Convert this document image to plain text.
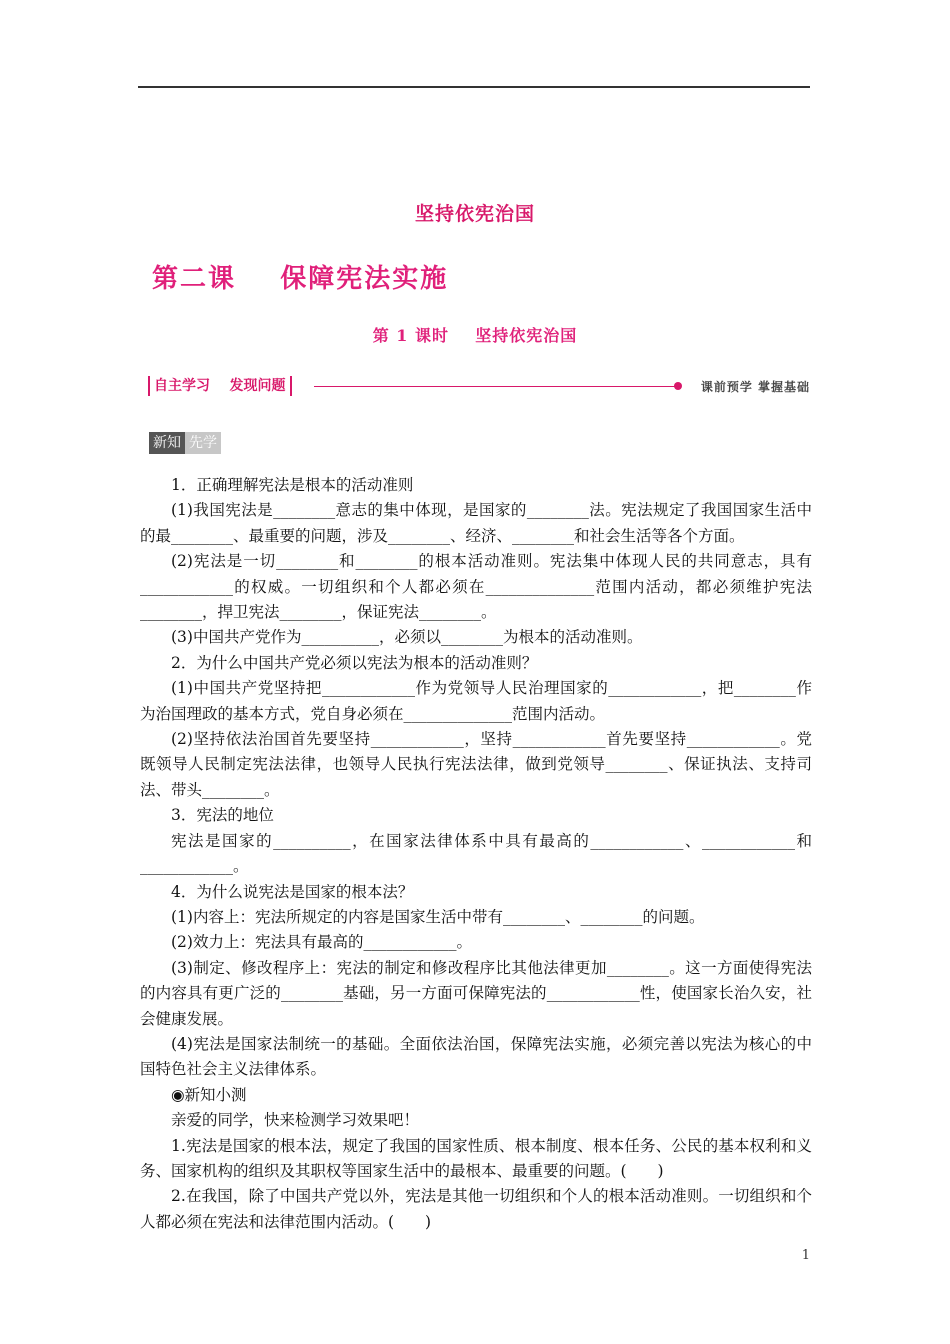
坚持依宪治国
第二课    保障宪法实施
第 1 课时    坚持依宪治国
自主学习    发现问题	课前预学 掌握基础
新知 先学

1．正确理解宪法是根本的活动准则

(1)我国宪法是________意志的集中体现，是国家的________法。宪法规定了我国国家生活中的最________、最重要的问题，涉及________、经济、________和社会生活等各个方面。

(2)宪法是一切________和________的根本活动准则。宪法集中体现人民的共同意志，具有____________的权威。一切组织和个人都必须在______________范围内活动，都必须维护宪法________，捍卫宪法________，保证宪法________。

(3)中国共产党作为__________，必须以________为根本的活动准则。

2．为什么中国共产党必须以宪法为根本的活动准则？

(1)中国共产党坚持把____________作为党领导人民治理国家的____________，把________作为治国理政的基本方式，党自身必须在______________范围内活动。

(2)坚持依法治国首先要坚持____________，坚持____________首先要坚持____________。党既领导人民制定宪法法律，也领导人民执行宪法法律，做到党领导________、保证执法、支持司法、带头________。

3．宪法的地位

宪法是国家的__________，在国家法律体系中具有最高的____________、____________和____________。

4．为什么说宪法是国家的根本法？

(1)内容上：宪法所规定的内容是国家生活中带有________、________的问题。

(2)效力上：宪法具有最高的____________。

(3)制定、修改程序上：宪法的制定和修改程序比其他法律更加________。这一方面使得宪法的内容具有更广泛的________基础，另一方面可保障宪法的____________性，使国家长治久安，社会健康发展。

(4)宪法是国家法制统一的基础。全面依法治国，保障宪法实施，必须完善以宪法为核心的中国特色社会主义法律体系。

◉新知小测

亲爱的同学，快来检测学习效果吧！

1.宪法是国家的根本法，规定了我国的国家性质、根本制度、根本任务、公民的基本权利和义务、国家机构的组织及其职权等国家生活中的最根本、最重要的问题。(　　)

2.在我国，除了中国共产党以外，宪法是其他一切组织和个人的根本活动准则。一切组织和个人都必须在宪法和法律范围内活动。(　　)

1
